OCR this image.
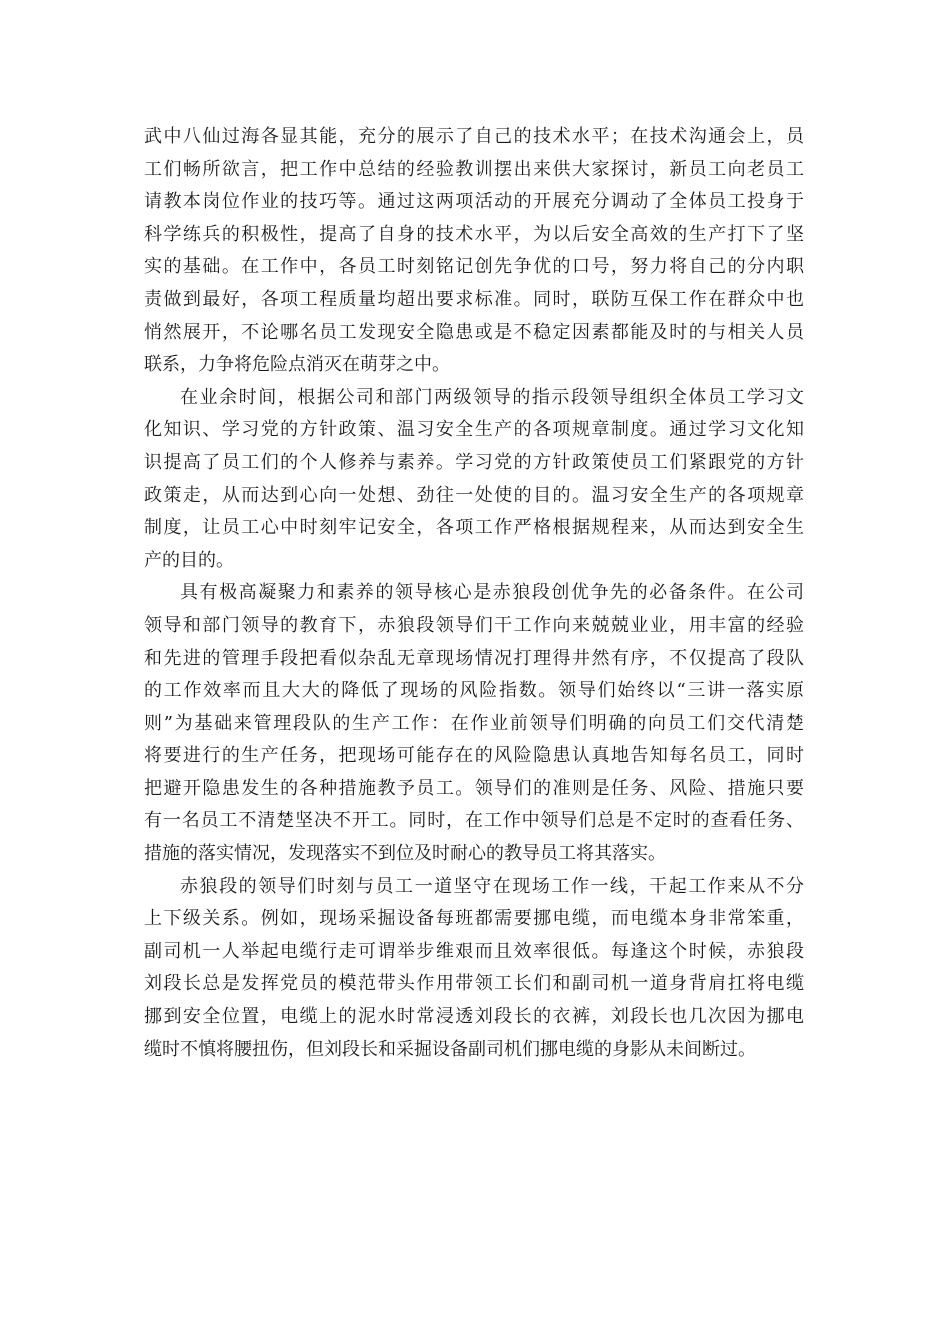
武中八仙过海各显其能，充分的展示了自己的技术水平；在技术沟通会上，员
工们畅所欲言，把工作中总结的经验教训摆出来供大家探讨，新员工向老员工
请教本岗位作业的技巧等。通过这两项活动的开展充分调动了全体员工投身于
科学练兵的积极性，提高了自身的技术水平，为以后安全高效的生产打下了坚
实的基础。在工作中，各员工时刻铭记创先争优的口号，努力将自己的分内职
责做到最好，各项工程质量均超出要求标准。同时，联防互保工作在群众中也
悄然展开，不论哪名员工发现安全隐患或是不稳定因素都能及时的与相关人员
联系，力争将危险点消灭在萌芽之中。

在业余时间，根据公司和部门两级领导的指示段领导组织全体员工学习文
化知识、学习党的方针政策、温习安全生产的各项规章制度。通过学习文化知
识提高了员工们的个人修养与素养。学习党的方针政策使员工们紧跟党的方针
政策走，从而达到心向一处想、劲往一处使的目的。温习安全生产的各项规章
制度，让员工心中时刻牢记安全，各项工作严格根据规程来，从而达到安全生
产的目的。

具有极高凝聚力和素养的领导核心是赤狼段创优争先的必备条件。在公司
领导和部门领导的教育下，赤狼段领导们干工作向来兢兢业业，用丰富的经验
和先进的管理手段把看似杂乱无章现场情况打理得井然有序，不仅提高了段队
的工作效率而且大大的降低了现场的风险指数。领导们始终以“三讲一落实原
则”为基础来管理段队的生产工作：在作业前领导们明确的向员工们交代清楚
将要进行的生产任务，把现场可能存在的风险隐患认真地告知每名员工，同时
把避开隐患发生的各种措施教予员工。领导们的准则是任务、风险、措施只要
有一名员工不清楚坚决不开工。同时，在工作中领导们总是不定时的查看任务、
措施的落实情况，发现落实不到位及时耐心的教导员工将其落实。

赤狼段的领导们时刻与员工一道坚守在现场工作一线，干起工作来从不分
上下级关系。例如，现场采掘设备每班都需要挪电缆，而电缆本身非常笨重，
副司机一人举起电缆行走可谓举步维艰而且效率很低。每逢这个时候，赤狼段
刘段长总是发挥党员的模范带头作用带领工长们和副司机一道身背肩扛将电缆
挪到安全位置，电缆上的泥水时常浸透刘段长的衣裤，刘段长也几次因为挪电
缆时不慎将腰扭伤，但刘段长和采掘设备副司机们挪电缆的身影从未间断过。
